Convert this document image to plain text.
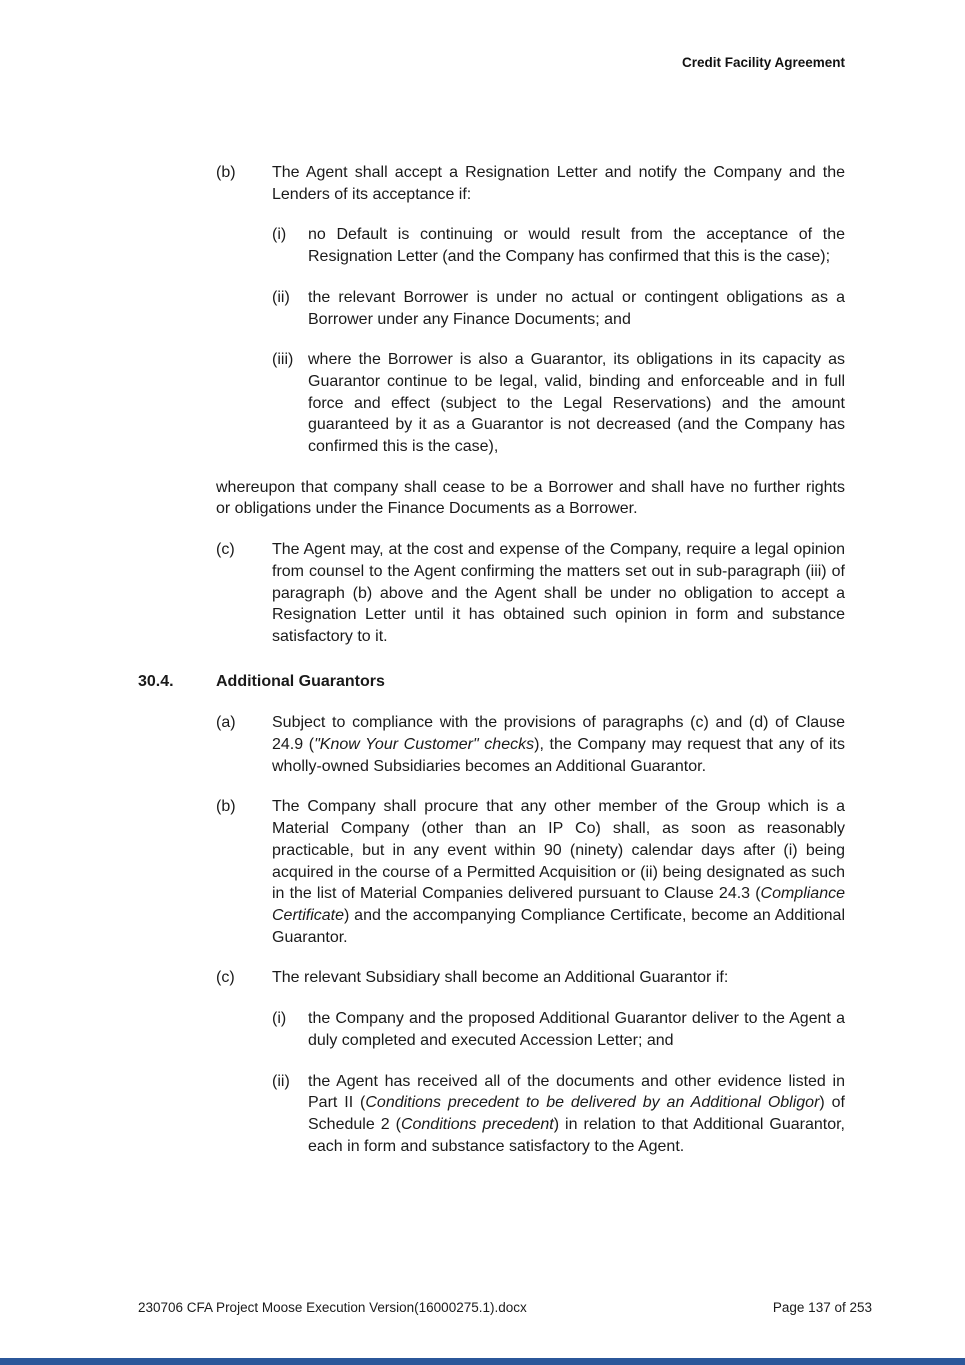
Credit Facility Agreement
(b)	The Agent shall accept a Resignation Letter and notify the Company and the Lenders of its acceptance if:
(i)	no Default is continuing or would result from the acceptance of the Resignation Letter (and the Company has confirmed that this is the case);
(ii)	the relevant Borrower is under no actual or contingent obligations as a Borrower under any Finance Documents; and
(iii) where the Borrower is also a Guarantor, its obligations in its capacity as Guarantor continue to be legal, valid, binding and enforceable and in full force and effect (subject to the Legal Reservations) and the amount guaranteed by it as a Guarantor is not decreased (and the Company has confirmed this is the case),
whereupon that company shall cease to be a Borrower and shall have no further rights or obligations under the Finance Documents as a Borrower.
(c)	The Agent may, at the cost and expense of the Company, require a legal opinion from counsel to the Agent confirming the matters set out in sub-paragraph (iii) of paragraph (b) above and the Agent shall be under no obligation to accept a Resignation Letter until it has obtained such opinion in form and substance satisfactory to it.
30.4.	Additional Guarantors
(a)	Subject to compliance with the provisions of paragraphs (c) and (d) of Clause 24.9 ("Know Your Customer" checks), the Company may request that any of its wholly-owned Subsidiaries becomes an Additional Guarantor.
(b)	The Company shall procure that any other member of the Group which is a Material Company (other than an IP Co) shall, as soon as reasonably practicable, but in any event within 90 (ninety) calendar days after (i) being acquired in the course of a Permitted Acquisition or (ii) being designated as such in the list of Material Companies delivered pursuant to Clause 24.3 (Compliance Certificate) and the accompanying Compliance Certificate, become an Additional Guarantor.
(c)	The relevant Subsidiary shall become an Additional Guarantor if:
(i)	the Company and the proposed Additional Guarantor deliver to the Agent a duly completed and executed Accession Letter; and
(ii)	the Agent has received all of the documents and other evidence listed in Part II (Conditions precedent to be delivered by an Additional Obligor) of Schedule 2 (Conditions precedent) in relation to that Additional Guarantor, each in form and substance satisfactory to the Agent.
230706 CFA Project Moose Execution Version(16000275.1).docx	Page 137 of 253
